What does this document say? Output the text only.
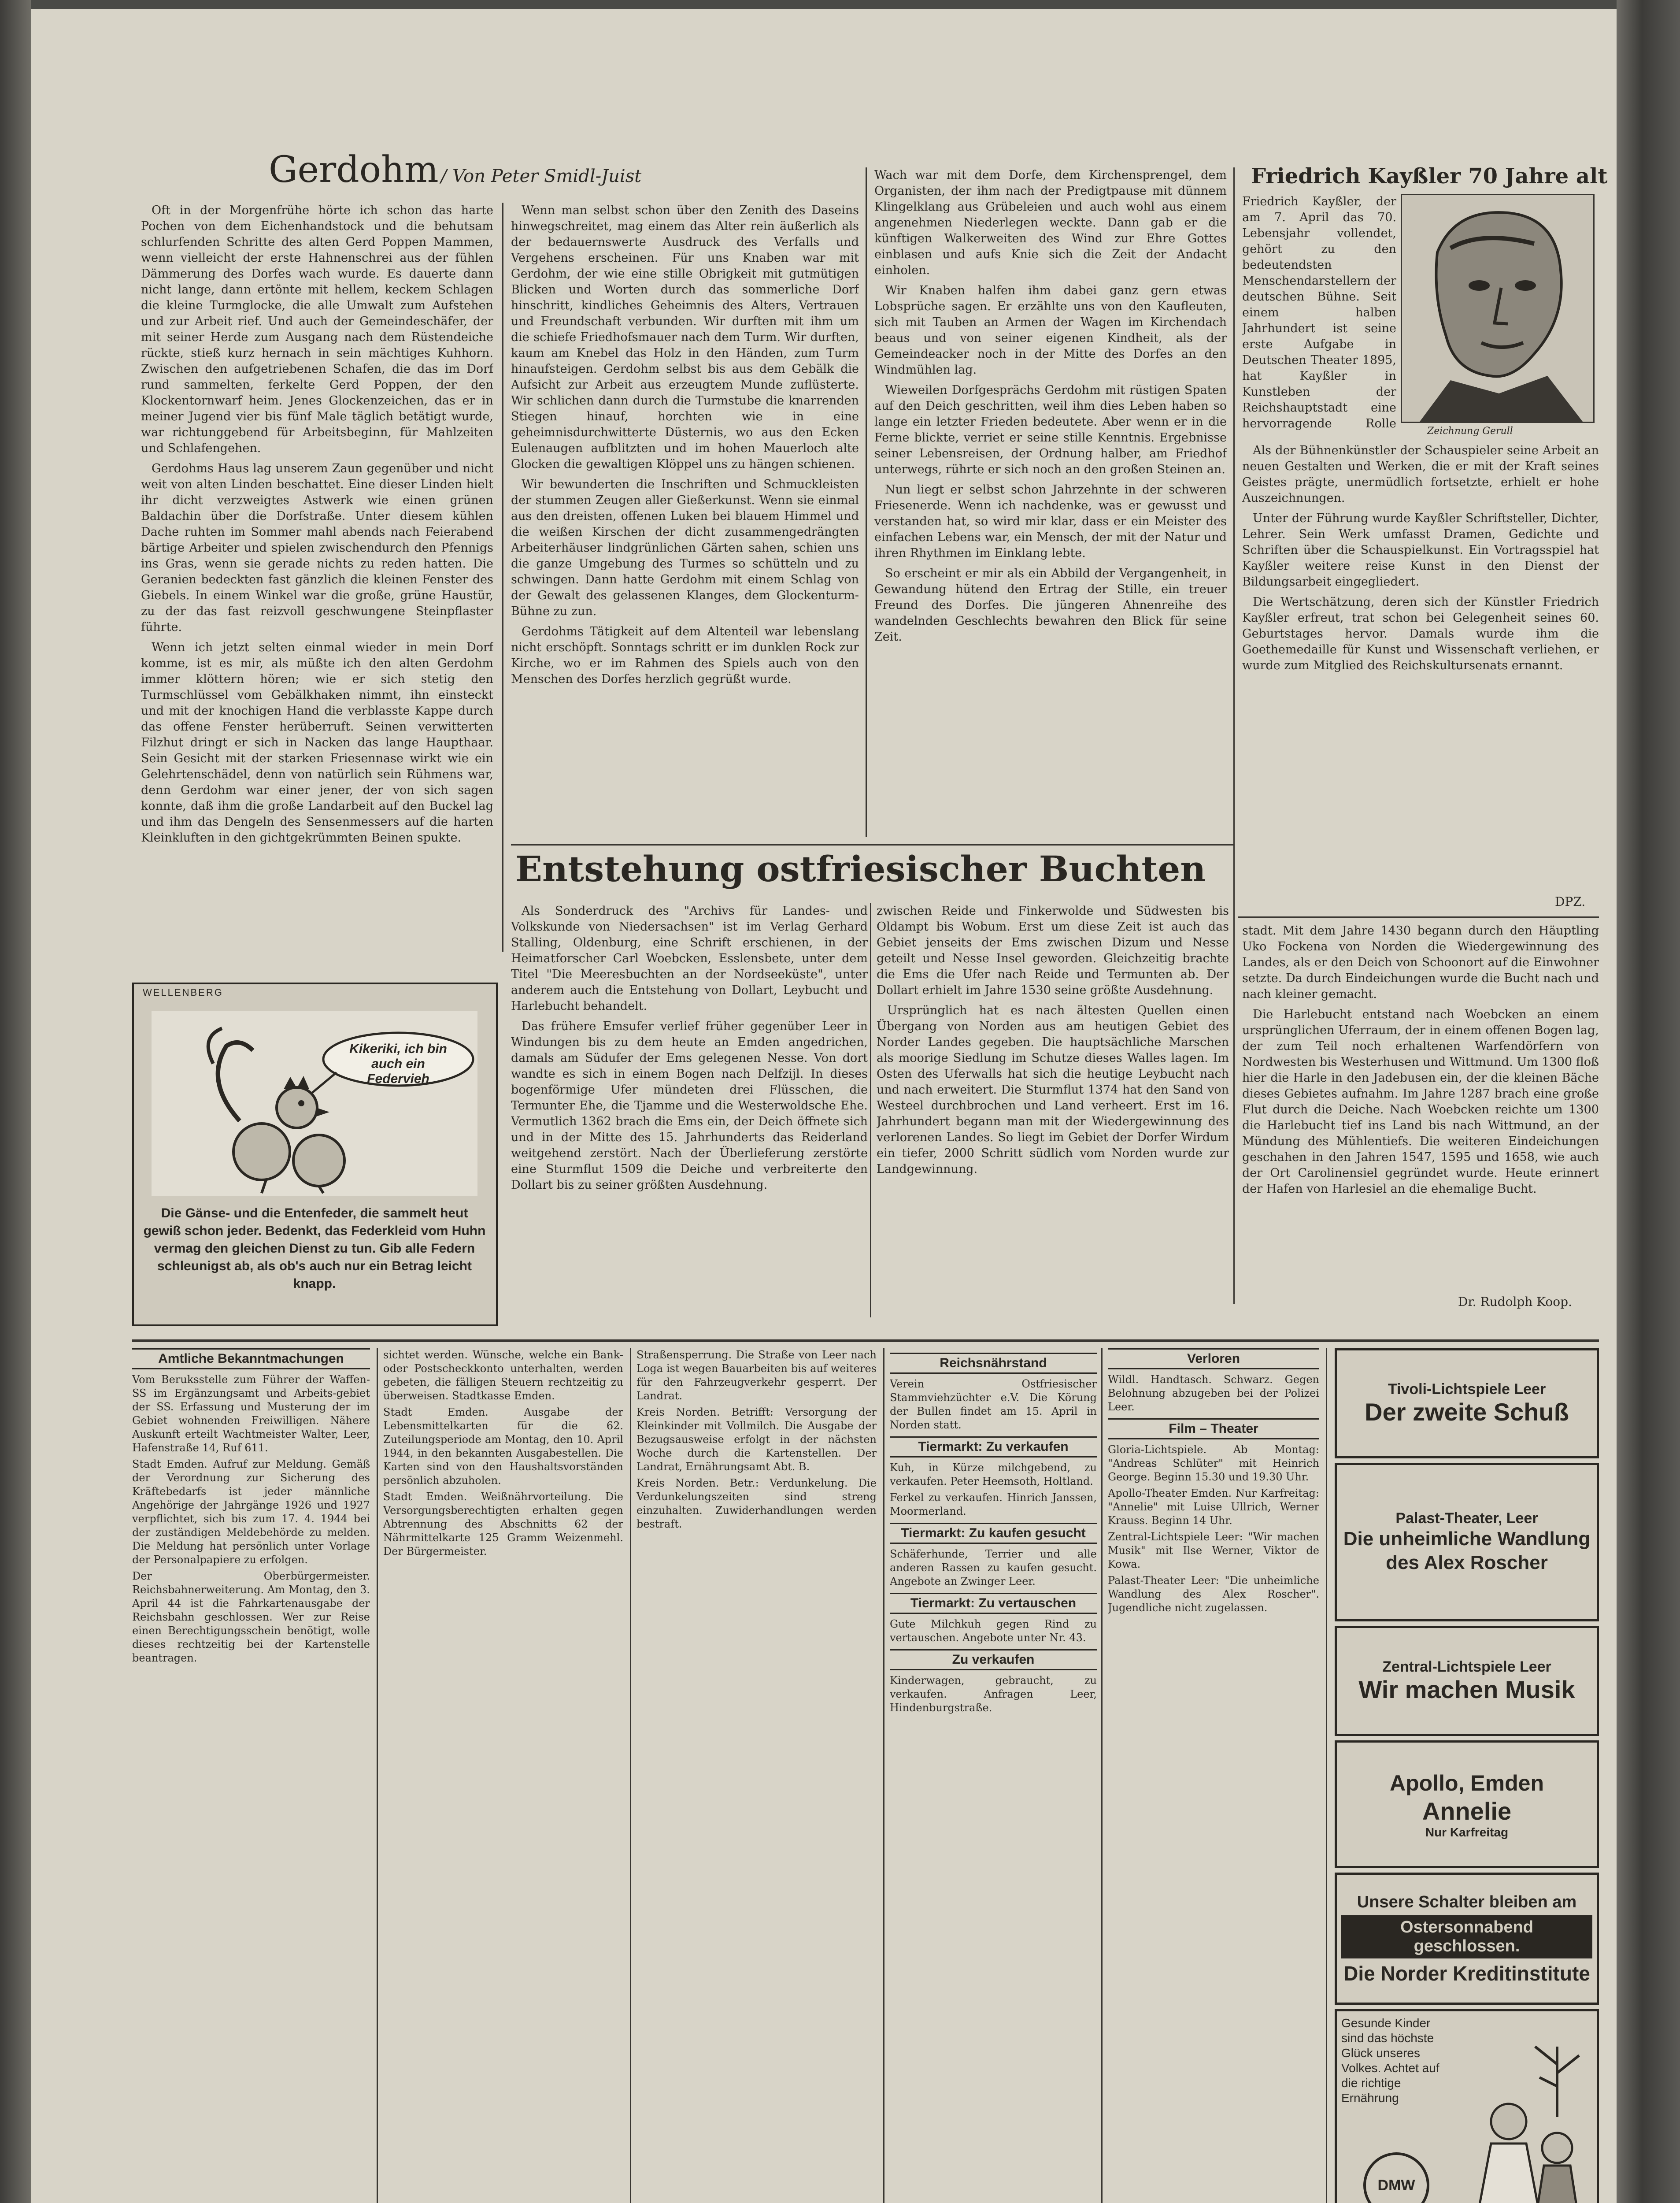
Gerdohm / Von Peter Smidl-Juist

Oft in der Morgenfrühe hörte ich schon das harte Pochen von dem Eichenhandstock und die behutsam schlurfenden Schritte des alten Gerd Poppen Mammen, wenn vielleicht der erste Hahnenschrei aus der fühlen Dämmerung des Dorfes wach wurde. Es dauerte dann nicht lange, dann ertönte mit hellem, keckem Schlagen die kleine Turmglocke, die alle Umwalt zum Aufstehen und zur Arbeit rief. Und auch der Gemeindeschäfer, der mit seiner Herde zum Ausgang nach dem Rüstendeiche rückte, stieß kurz hernach in sein mächtiges Kuhhorn. Zwischen den aufgetriebenen Schafen, die das im Dorf rund sammelten, ferkelte Gerd Poppen, der den Klockentornwarf heim. Jenes Glockenzeichen, das er in meiner Jugend vier bis fünf Male täglich betätigt wurde, war richtunggebend für Arbeitsbeginn, für Mahlzeiten und Schlafengehen.

Gerdohms Haus lag unserem Zaun gegenüber und nicht weit von alten Linden beschattet. Eine dieser Linden hielt ihr dicht verzweigtes Astwerk wie einen grünen Baldachin über die Dorfstraße. Unter diesem kühlen Dache ruhten im Sommer mahl abends nach Feierabend bärtige Arbeiter und spielen zwischendurch den Pfennigs ins Gras, wenn sie gerade nichts zu reden hatten. Die Geranien bedeckten fast gänzlich die kleinen Fenster des Giebels. In einem Winkel war die große, grüne Haustür, zu der das fast reizvoll geschwungene Steinpflaster führte.

Wenn ich jetzt selten einmal wieder in mein Dorf komme, ist es mir, als müßte ich den alten Gerdohm immer klöttern hören; wie er sich stetig den Turmschlüssel vom Gebälkhaken nimmt, ihn einsteckt und mit der knochigen Hand die verblasste Kappe durch das offene Fenster herüberruft. Seinen verwitterten Filzhut dringt er sich in Nacken das lange Haupthaar. Sein Gesicht mit der starken Friesennase wirkt wie ein Gelehrtenschädel, denn von natürlich sein Rühmens war, denn Gerdohm war einer jener, der von sich sagen konnte, daß ihm die große Landarbeit auf den Buckel lag und ihm das Dengeln des Sensenmessers auf die harten Kleinkluften in den gichtgekrümmten Beinen spukte.

Wenn man selbst schon über den Zenith des Daseins hinwegschreitet, mag einem das Alter rein äußerlich als der bedauernswerte Ausdruck des Verfalls und Vergehens erscheinen. Für uns Knaben war mit Gerdohm, der wie eine stille Obrigkeit mit gutmütigen Blicken und Worten durch das sommerliche Dorf hinschritt, kindliches Geheimnis des Alters, Vertrauen und Freundschaft verbunden. Wir durften mit ihm um die schiefe Friedhofsmauer nach dem Turm. Wir durften, kaum am Knebel das Holz in den Händen, zum Turm hinaufsteigen. Gerdohm selbst bis aus dem Gebälk die Aufsicht zur Arbeit aus erzeugtem Munde zuflüsterte. Wir schlichen dann durch die Turmstube die knarrenden Stiegen hinauf, horchten wie in eine geheimnisdurchwitterte Düsternis, wo aus den Ecken Eulenaugen aufblitzten und im hohen Mauerloch alte Glocken die gewaltigen Klöppel uns zu hängen schienen.

Wir bewunderten die Inschriften und Schmuckleisten der stummen Zeugen aller Gießerkunst. Wenn sie einmal aus den dreisten, offenen Luken bei blauem Himmel und die weißen Kirschen der dicht zusammengedrängten Arbeiterhäuser lindgrünlichen Gärten sahen, schien uns die ganze Umgebung des Turmes so schütteln und zu schwingen. Dann hatte Gerdohm mit einem Schlag von der Gewalt des gelassenen Klanges, dem Glockenturm-Bühne zu zun.

Gerdohms Tätigkeit auf dem Altenteil war lebenslang nicht erschöpft. Sonntags schritt er im dunklen Rock zur Kirche, wo er im Rahmen des Spiels auch von den Menschen des Dorfes herzlich gegrüßt wurde.

Wach war mit dem Dorfe, dem Kirchensprengel, dem Organisten, der ihm nach der Predigtpause mit dünnem Klingelklang aus Grübeleien und auch wohl aus einem angenehmen Niederlegen weckte. Dann gab er die künftigen Walkerweiten des Wind zur Ehre Gottes einblasen und aufs Knie sich die Zeit der Andacht einholen.

Wir Knaben halfen ihm dabei ganz gern etwas Lobsprüche sagen. Er erzählte uns von den Kaufleuten, sich mit Tauben an Armen der Wagen im Kirchendach beaus und von seiner eigenen Kindheit, als der Gemeindeacker noch in der Mitte des Dorfes an den Windmühlen lag.

Wieweilen Dorfgesprächs Gerdohm mit rüstigen Spaten auf den Deich geschritten, weil ihm dies Leben haben so lange ein letzter Frieden bedeutete. Aber wenn er in die Ferne blickte, verriet er seine stille Kenntnis. Ergebnisse seiner Lebensreisen, der Ordnung halber, am Friedhof unterwegs, rührte er sich noch an den großen Steinen an.

Nun liegt er selbst schon Jahrzehnte in der schweren Friesenerde. Wenn ich nachdenke, was er gewusst und verstanden hat, so wird mir klar, dass er ein Meister des einfachen Lebens war, ein Mensch, der mit der Natur und ihren Rhythmen im Einklang lebte.

So erscheint er mir als ein Abbild der Vergangenheit, in Gewandung hütend den Ertrag der Stille, ein treuer Freund des Dorfes. Die jüngeren Ahnenreihe des wandelnden Geschlechts bewahren den Blick für seine Zeit.

Friedrich Kayßler 70 Jahre alt
Zeichnung Gerull

Friedrich Kayßler, der am 7. April das 70. Lebensjahr vollendet, gehört zu den bedeutendsten Menschendarstellern der deutschen Bühne. Seit einem halben Jahrhundert ist seine erste Aufgabe in Deutschen Theater 1895, hat Kayßler in Kunstleben der Reichshauptstadt eine hervorragende Rolle

Als der Bühnenkünstler der Schauspieler seine Arbeit an neuen Gestalten und Werken, die er mit der Kraft seines Geistes prägte, unermüdlich fortsetzte, erhielt er hohe Auszeichnungen.

Unter der Führung wurde Kayßler Schriftsteller, Dichter, Lehrer. Sein Werk umfasst Dramen, Gedichte und Schriften über die Schauspielkunst. Ein Vortragsspiel hat Kayßler weitere reise Kunst in den Dienst der Bildungsarbeit eingegliedert.

Die Wertschätzung, deren sich der Künstler Friedrich Kayßler erfreut, trat schon bei Gelegenheit seines 60. Geburtstages hervor. Damals wurde ihm die Goethemedaille für Kunst und Wissenschaft verliehen, er wurde zum Mitglied des Reichskultursenats ernannt.

DPZ.
Entstehung ostfriesischer Buchten

Als Sonderdruck des "Archivs für Landes- und Volkskunde von Niedersachsen" ist im Verlag Gerhard Stalling, Oldenburg, eine Schrift erschienen, in der Heimatforscher Carl Woebcken, Esslensbete, unter dem Titel "Die Meeresbuchten an der Nordseeküste", unter anderem auch die Entstehung von Dollart, Leybucht und Harlebucht behandelt.

Das frühere Emsufer verlief früher gegenüber Leer in Windungen bis zu dem heute an Emden angedrichen, damals am Südufer der Ems gelegenen Nesse. Von dort wandte es sich in einem Bogen nach Delfzijl. In dieses bogenförmige Ufer mündeten drei Flüsschen, die Termunter Ehe, die Tjamme und die Westerwoldsche Ehe. Vermutlich 1362 brach die Ems ein, der Deich öffnete sich und in der Mitte des 15. Jahrhunderts das Reiderland weitgehend zerstört. Nach der Überlieferung zerstörte eine Sturmflut 1509 die Deiche und verbreiterte den Dollart bis zu seiner größten Ausdehnung.

zwischen Reide und Finkerwolde und Südwesten bis Oldampt bis Wobum. Erst um diese Zeit ist auch das Gebiet jenseits der Ems zwischen Dizum und Nesse geteilt und Nesse Insel geworden. Gleichzeitig brachte die Ems die Ufer nach Reide und Termunten ab. Der Dollart erhielt im Jahre 1530 seine größte Ausdehnung.

Ursprünglich hat es nach ältesten Quellen einen Übergang von Norden aus am heutigen Gebiet des Norder Landes gegeben. Die hauptsächliche Marschen als moorige Siedlung im Schutze dieses Walles lagen. Im Osten des Uferwalls hat sich die heutige Leybucht nach und nach erweitert. Die Sturmflut 1374 hat den Sand von Westeel durchbrochen und Land verheert. Erst im 16. Jahrhundert begann man mit der Wiedergewinnung des verlorenen Landes. So liegt im Gebiet der Dorfer Wirdum ein tiefer, 2000 Schritt südlich vom Norden wurde zur Landgewinnung.

stadt. Mit dem Jahre 1430 begann durch den Häuptling Uko Fockena von Norden die Wiedergewinnung des Landes, als er den Deich von Schoonort auf die Einwohner setzte. Da durch Eindeichungen wurde die Bucht nach und nach kleiner gemacht.

Die Harlebucht entstand nach Woebcken an einem ursprünglichen Uferraum, der in einem offenen Bogen lag, der zum Teil noch erhaltenen Warfendörfern von Nordwesten bis Westerhusen und Wittmund. Um 1300 floß hier die Harle in den Jadebusen ein, der die kleinen Bäche dieses Gebietes aufnahm. Im Jahre 1287 brach eine große Flut durch die Deiche. Nach Woebcken reichte um 1300 die Harlebucht tief ins Land bis nach Wittmund, an der Mündung des Mühlentiefs. Die weiteren Eindeichungen geschahen in den Jahren 1547, 1595 und 1658, wie auch der Ort Carolinensiel gegründet wurde. Heute erinnert der Hafen von Harlesiel an die ehemalige Bucht.

Dr. Rudolph Koop.
WELLENBERG
Kikeriki, ich bin auch ein Federvieh
Die Gänse- und die Entenfeder, die sammelt heut gewiß schon jeder. Bedenkt, das Federkleid vom Huhn vermag den gleichen Dienst zu tun. Gib alle Federn schleunigst ab, als ob's auch nur ein Betrag leicht knapp.
Amtliche Bekanntmachungen

Vom Beruksstelle zum Führer der Waffen-SS im Ergänzungsamt und Arbeits-gebiet der SS. Erfassung und Musterung der im Gebiet wohnenden Freiwilligen. Nähere Auskunft erteilt Wachtmeister Walter, Leer, Hafenstraße 14, Ruf 611.

Stadt Emden. Aufruf zur Meldung. Gemäß der Verordnung zur Sicherung des Kräftebedarfs ist jeder männliche Angehörige der Jahrgänge 1926 und 1927 verpflichtet, sich bis zum 17. 4. 1944 bei der zuständigen Meldebehörde zu melden. Die Meldung hat persönlich unter Vorlage der Personalpapiere zu erfolgen.

Der Oberbürgermeister. Reichsbahnerweiterung. Am Montag, den 3. April 44 ist die Fahrkartenausgabe der Reichsbahn geschlossen. Wer zur Reise einen Berechtigungsschein benötigt, wolle dieses rechtzeitig bei der Kartenstelle beantragen.

sichtet werden. Wünsche, welche ein Bank- oder Postscheckkonto unterhalten, werden gebeten, die fälligen Steuern rechtzeitig zu überweisen. Stadtkasse Emden.

Stadt Emden. Ausgabe der Lebensmittelkarten für die 62. Zuteilungsperiode am Montag, den 10. April 1944, in den bekannten Ausgabestellen. Die Karten sind von den Haushaltsvorständen persönlich abzuholen.

Stadt Emden. Weißnährvorteilung. Die Versorgungsberechtigten erhalten gegen Abtrennung des Abschnitts 62 der Nährmittelkarte 125 Gramm Weizenmehl. Der Bürgermeister.

Straßensperrung. Die Straße von Leer nach Loga ist wegen Bauarbeiten bis auf weiteres für den Fahrzeugverkehr gesperrt. Der Landrat.

Kreis Norden. Betrifft: Versorgung der Kleinkinder mit Vollmilch. Die Ausgabe der Bezugsausweise erfolgt in der nächsten Woche durch die Kartenstellen. Der Landrat, Ernährungsamt Abt. B.

Kreis Norden. Betr.: Verdunkelung. Die Verdunkelungszeiten sind streng einzuhalten. Zuwiderhandlungen werden bestraft.

Reichsnährstand

Verein Ostfriesischer Stammviehzüchter e.V. Die Körung der Bullen findet am 15. April in Norden statt.

Tiermarkt: Zu verkaufen

Kuh, in Kürze milchgebend, zu verkaufen. Peter Heemsoth, Holtland.

Ferkel zu verkaufen. Hinrich Janssen, Moormerland.

Tiermarkt: Zu kaufen gesucht

Schäferhunde, Terrier und alle anderen Rassen zu kaufen gesucht. Angebote an Zwinger Leer.

Tiermarkt: Zu vertauschen

Gute Milchkuh gegen Rind zu vertauschen. Angebote unter Nr. 43.

Zu verkaufen

Kinderwagen, gebraucht, zu verkaufen. Anfragen Leer, Hindenburgstraße.

Verloren

Wildl. Handtasch. Schwarz. Gegen Belohnung abzugeben bei der Polizei Leer.

Film – Theater

Gloria-Lichtspiele. Ab Montag: "Andreas Schlüter" mit Heinrich George. Beginn 15.30 und 19.30 Uhr.

Apollo-Theater Emden. Nur Karfreitag: "Annelie" mit Luise Ullrich, Werner Krauss. Beginn 14 Uhr.

Zentral-Lichtspiele Leer: "Wir machen Musik" mit Ilse Werner, Viktor de Kowa.

Palast-Theater Leer: "Die unheimliche Wandlung des Alex Roscher". Jugendliche nicht zugelassen.

Tivoli-Lichtspiele Leer
Der zweite Schuß
Palast-Theater, Leer
Die unheimliche Wandlung des Alex Roscher
Zentral-Lichtspiele Leer
Wir machen Musik
Apollo, Emden
Annelie
Nur Karfreitag
Unsere Schalter bleiben am
Ostersonnabend geschlossen.
Die Norder Kreditinstitute
Gesunde Kinder sind das höchste Glück unseres Volkes. Achtet auf die richtige Ernährung
DMW
